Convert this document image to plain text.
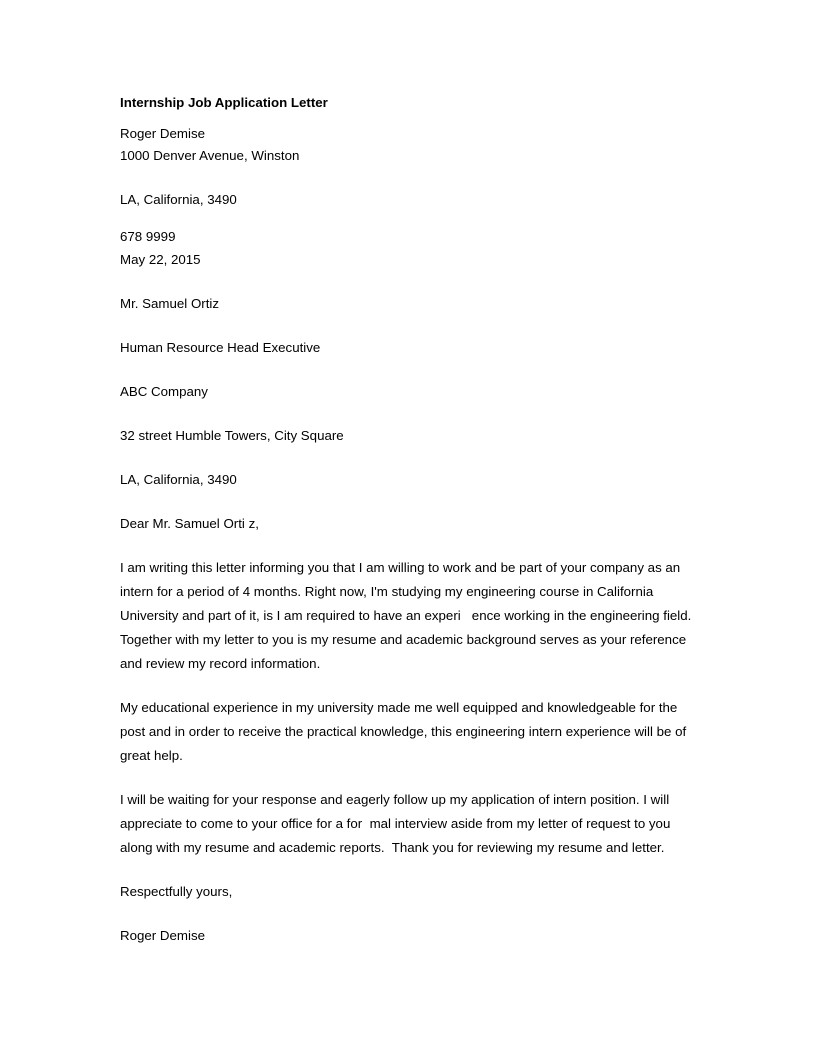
Internship Job Application Letter
Roger Demise
1000 Denver Avenue, Winston
LA, California, 3490
678 9999
May 22, 2015
Mr. Samuel Ortiz
Human Resource Head Executive
ABC Company
32 street Humble Towers, City Square
LA, California, 3490
Dear Mr. Samuel Orti z,
I am writing this letter informing you that I am willing to work and be part of your company as an
intern for a period of 4 months. Right now, I'm studying my engineering course in California
University and part of it, is I am required to have an experi   ence working in the engineering field.
Together with my letter to you is my resume and academic background serves as your reference
and review my record information.
My educational experience in my university made me well equipped and knowledgeable for the
post and in order to receive the practical knowledge, this engineering intern experience will be of
great help.
I will be waiting for your response and eagerly follow up my application of intern position. I will
appreciate to come to your office for a for  mal interview aside from my letter of request to you
along with my resume and academic reports.  Thank you for reviewing my resume and letter.
Respectfully yours,
Roger Demise
